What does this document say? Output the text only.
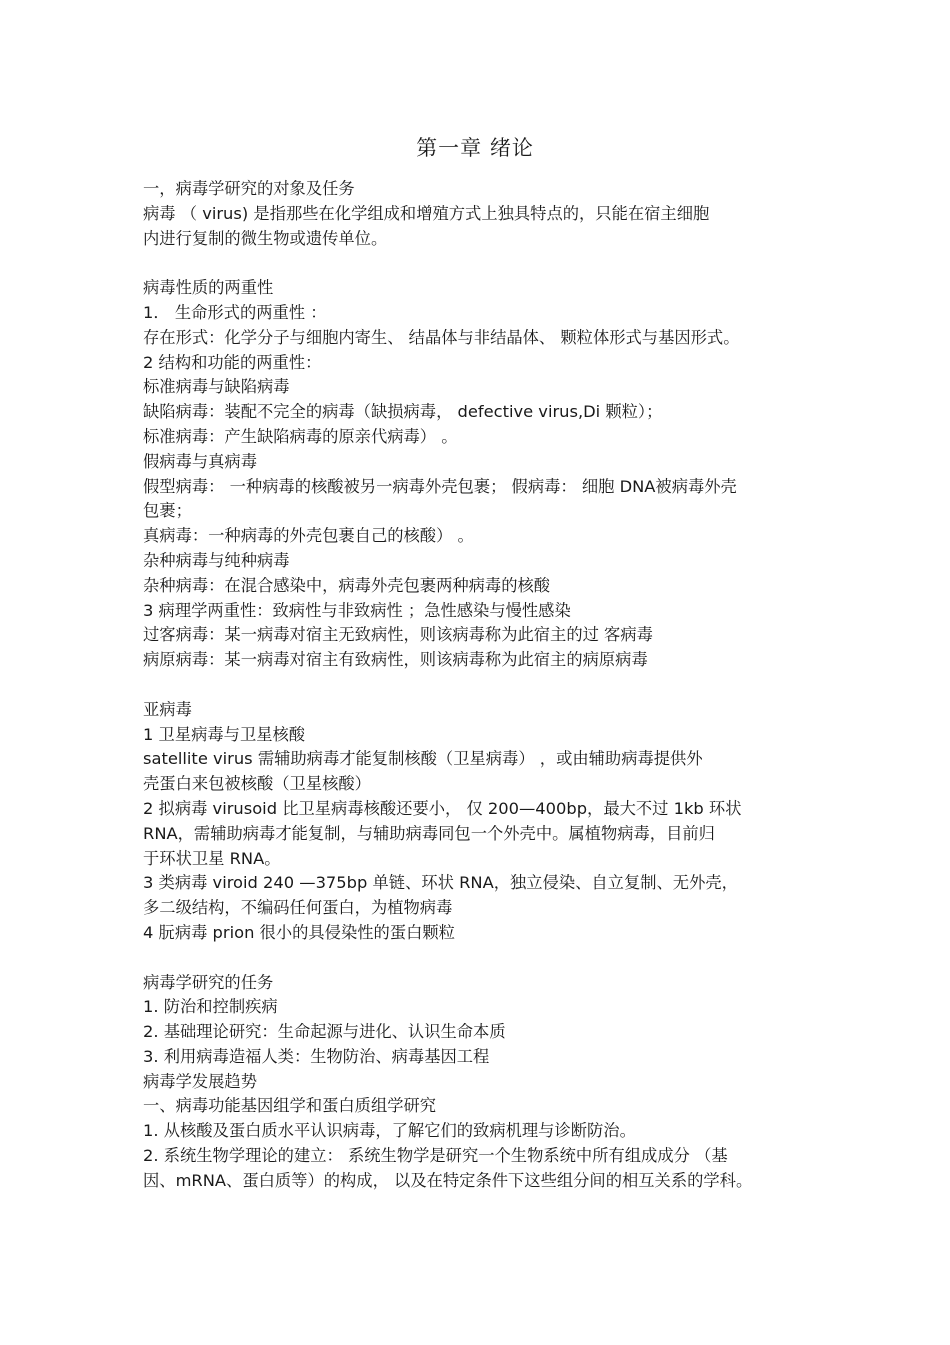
第一章 绪论
一，病毒学研究的对象及任务
病毒 （ virus) 是指那些在化学组成和增殖方式上独具特点的，只能在宿主细胞
内进行复制的微生物或遗传单位。
病毒性质的两重性
1． 生命形式的两重性 ：
存在形式：化学分子与细胞内寄生、 结晶体与非结晶体、 颗粒体形式与基因形式。
2 结构和功能的两重性：
标准病毒与缺陷病毒
缺陷病毒：装配不完全的病毒（缺损病毒， defective virus,Di 颗粒）；
标准病毒：产生缺陷病毒的原亲代病毒） 。
假病毒与真病毒
假型病毒： 一种病毒的核酸被另一病毒外壳包裹； 假病毒： 细胞 DNA被病毒外壳
包裹；
真病毒：一种病毒的外壳包裹自己的核酸） 。
杂种病毒与纯种病毒
杂种病毒：在混合感染中，病毒外壳包裹两种病毒的核酸
3 病理学两重性：致病性与非致病性 ；急性感染与慢性感染
过客病毒：某一病毒对宿主无致病性，则该病毒称为此宿主的过 客病毒
病原病毒：某一病毒对宿主有致病性，则该病毒称为此宿主的病原病毒
亚病毒
1 卫星病毒与卫星核酸
satellite virus 需辅助病毒才能复制核酸（卫星病毒） ，或由辅助病毒提供外
壳蛋白来包被核酸（卫星核酸）
2 拟病毒 virusoid 比卫星病毒核酸还要小， 仅 200—400bp，最大不过 1kb 环状
RNA，需辅助病毒才能复制，与辅助病毒同包一个外壳中。属植物病毒，目前归
于环状卫星 RNA。
3 类病毒 viroid 240 —375bp 单链、环状 RNA，独立侵染、自立复制、无外壳，
多二级结构，不编码任何蛋白，为植物病毒
4 朊病毒 prion 很小的具侵染性的蛋白颗粒
病毒学研究的任务
1. 防治和控制疾病
2. 基础理论研究：生命起源与进化、认识生命本质
3. 利用病毒造福人类：生物防治、病毒基因工程
病毒学发展趋势
一、病毒功能基因组学和蛋白质组学研究
1. 从核酸及蛋白质水平认识病毒，了解它们的致病机理与诊断防治。
2. 系统生物学理论的建立： 系统生物学是研究一个生物系统中所有组成成分 （基
因、mRNA、蛋白质等）的构成， 以及在特定条件下这些组分间的相互关系的学科。
